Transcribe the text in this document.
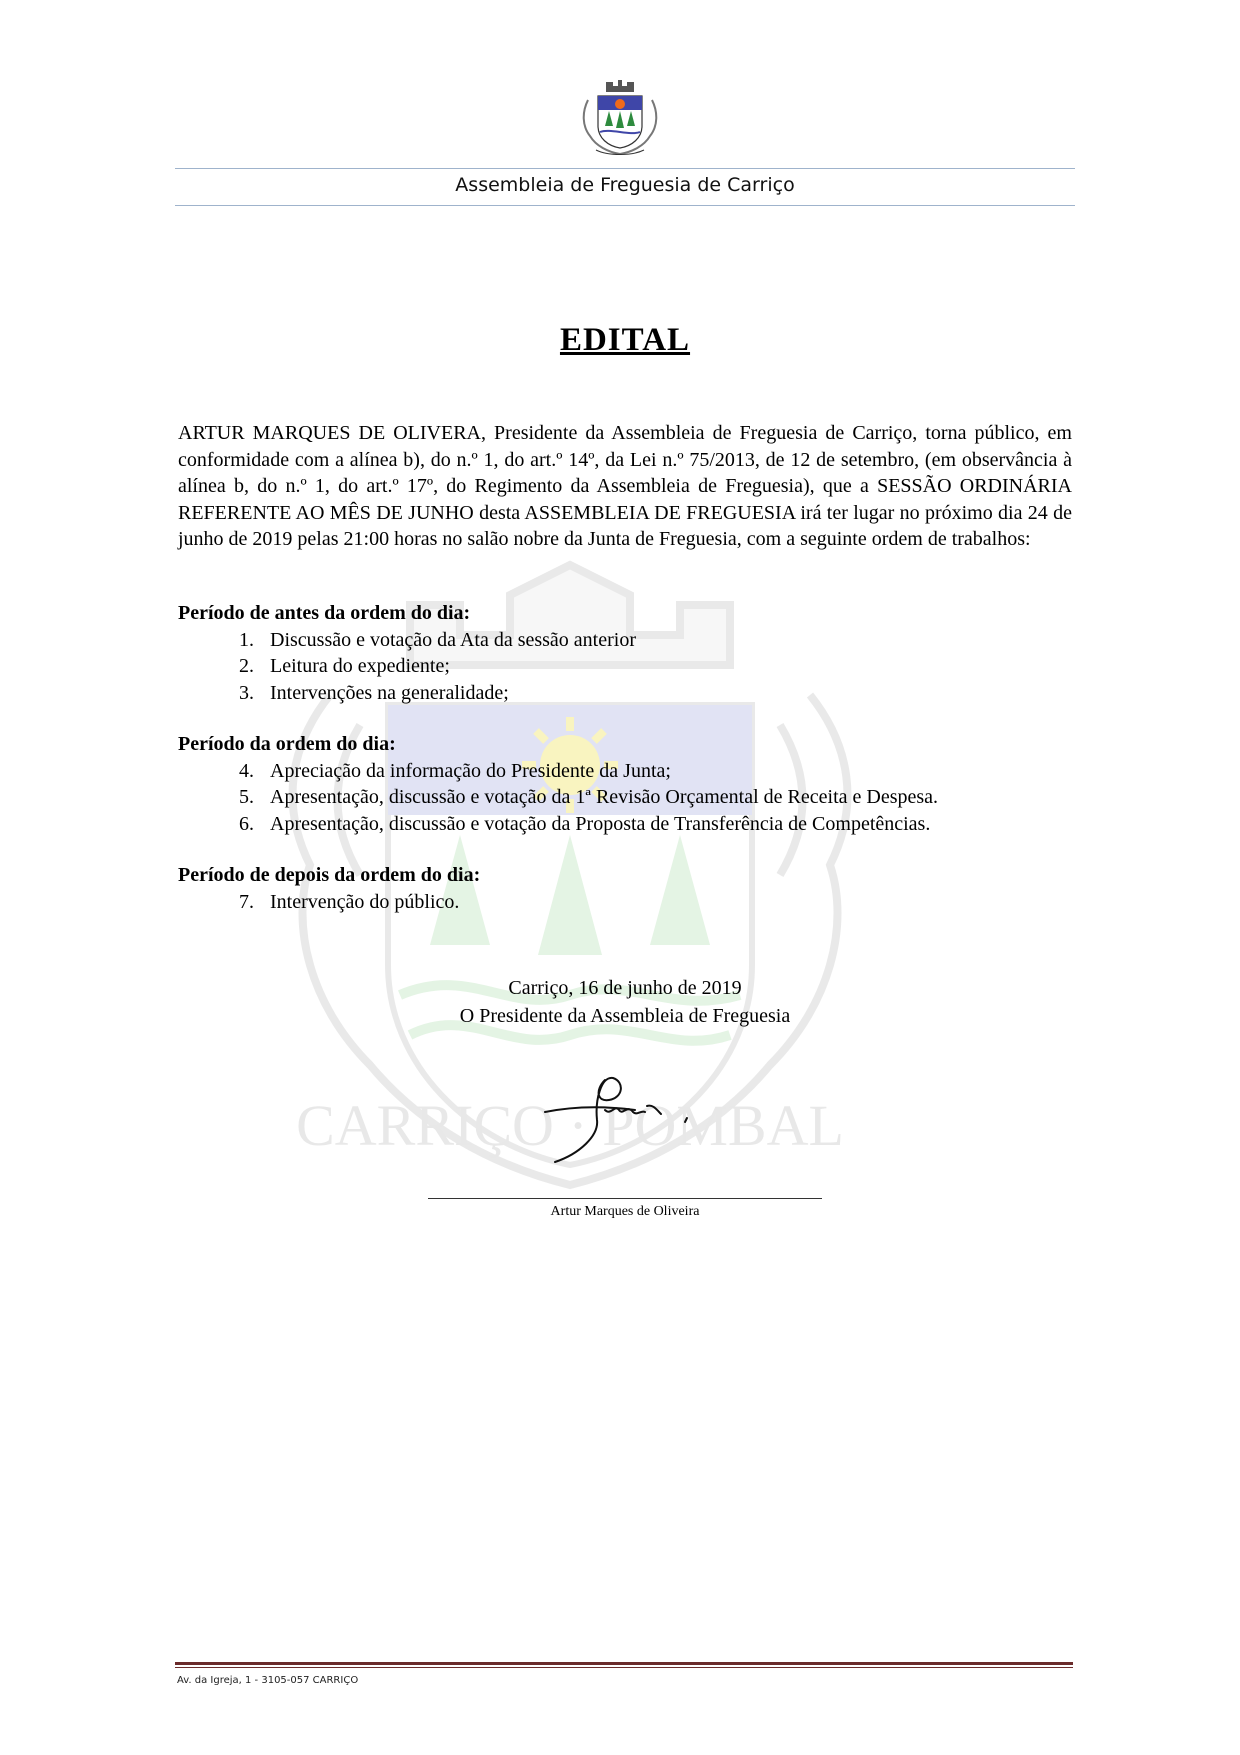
CARRIÇO · POMBAL
Assembleia de Freguesia de Carriço
EDITAL

ARTUR MARQUES DE OLIVERA, Presidente da Assembleia de Freguesia de Carriço, torna público, em conformidade com a alínea b), do n.º 1, do art.º 14º, da Lei n.º 75/2013, de 12 de setembro, (em observância à alínea b, do n.º 1, do art.º 17º, do Regimento da Assembleia de Freguesia), que a SESSÃO ORDINÁRIA REFERENTE AO MÊS DE JUNHO desta ASSEMBLEIA DE FREGUESIA irá ter lugar no próximo dia 24 de junho de 2019 pelas 21:00 horas no salão nobre da Junta de Freguesia, com a seguinte ordem de trabalhos:

Período de antes da ordem do dia:
1. Discussão e votação da Ata da sessão anterior
2. Leitura do expediente;
3. Intervenções na generalidade;
Período da ordem do dia:
4. Apreciação da informação do Presidente da Junta;
5. Apresentação, discussão e votação da 1ª Revisão Orçamental de Receita e Despesa.
6. Apresentação, discussão e votação da Proposta de Transferência de Competências.
Período de depois da ordem do dia:
7. Intervenção do público.
Carriço, 16 de junho de 2019
O Presidente da Assembleia de Freguesia
Artur Marques de Oliveira
Av. da Igreja, 1 - 3105-057 CARRIÇO
